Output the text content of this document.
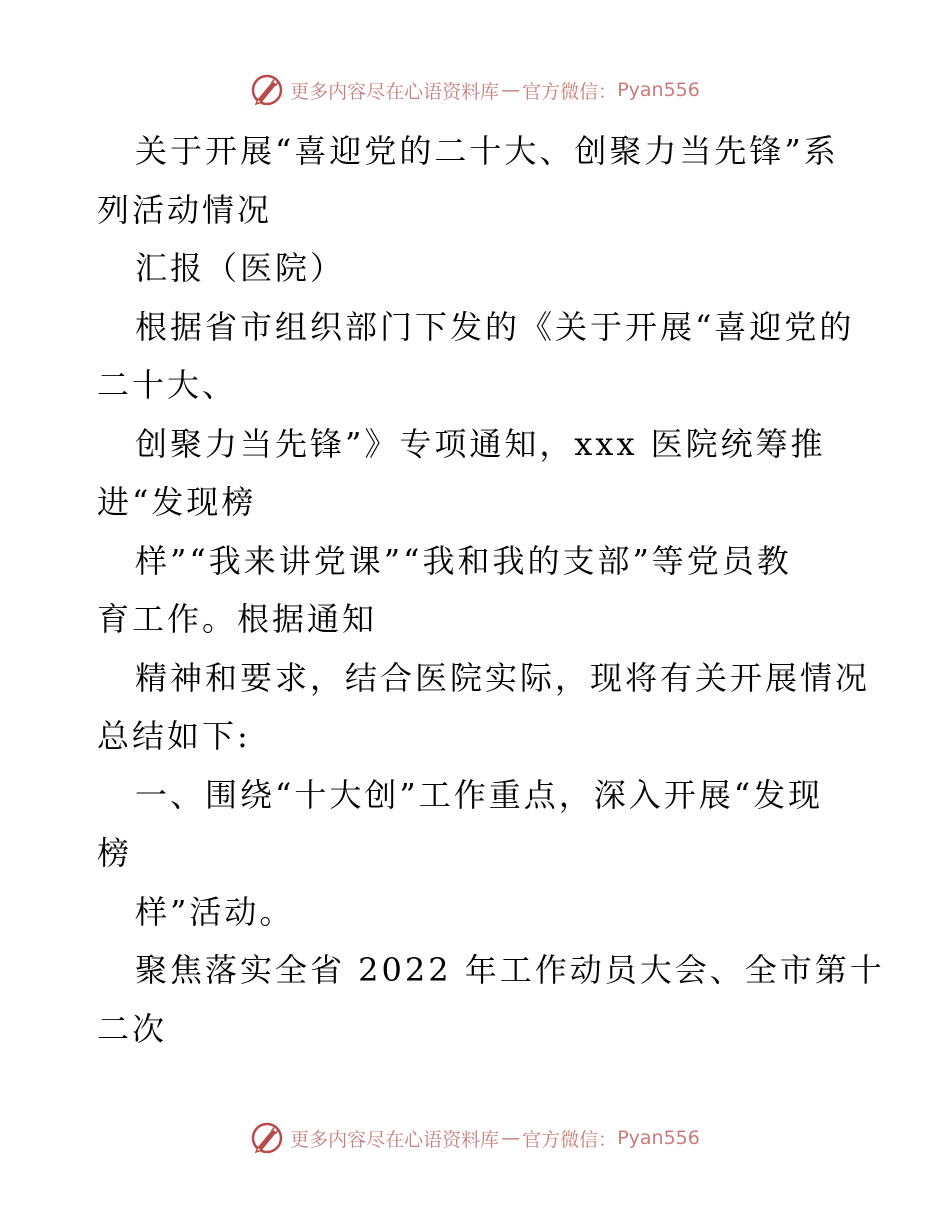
更多内容尽在心语资料库 — 官方微信： Pyan556
关于开展“喜迎党的二十大、创聚力当先锋”系
列活动情况
汇报（医院）
根据省市组织部门下发的《关于开展“喜迎党的
二十大、
创聚力当先锋”》专项通知，xxx 医院统筹推
进“发现榜
样”“我来讲党课”“我和我的支部”等党员教
育工作。根据通知
精神和要求，结合医院实际，现将有关开展情况
总结如下:
一、围绕“十大创”工作重点，深入开展“发现
榜
样”活动。
聚焦落实全省 2022 年工作动员大会、全市第十
二次
更多内容尽在心语资料库 — 官方微信： Pyan556
